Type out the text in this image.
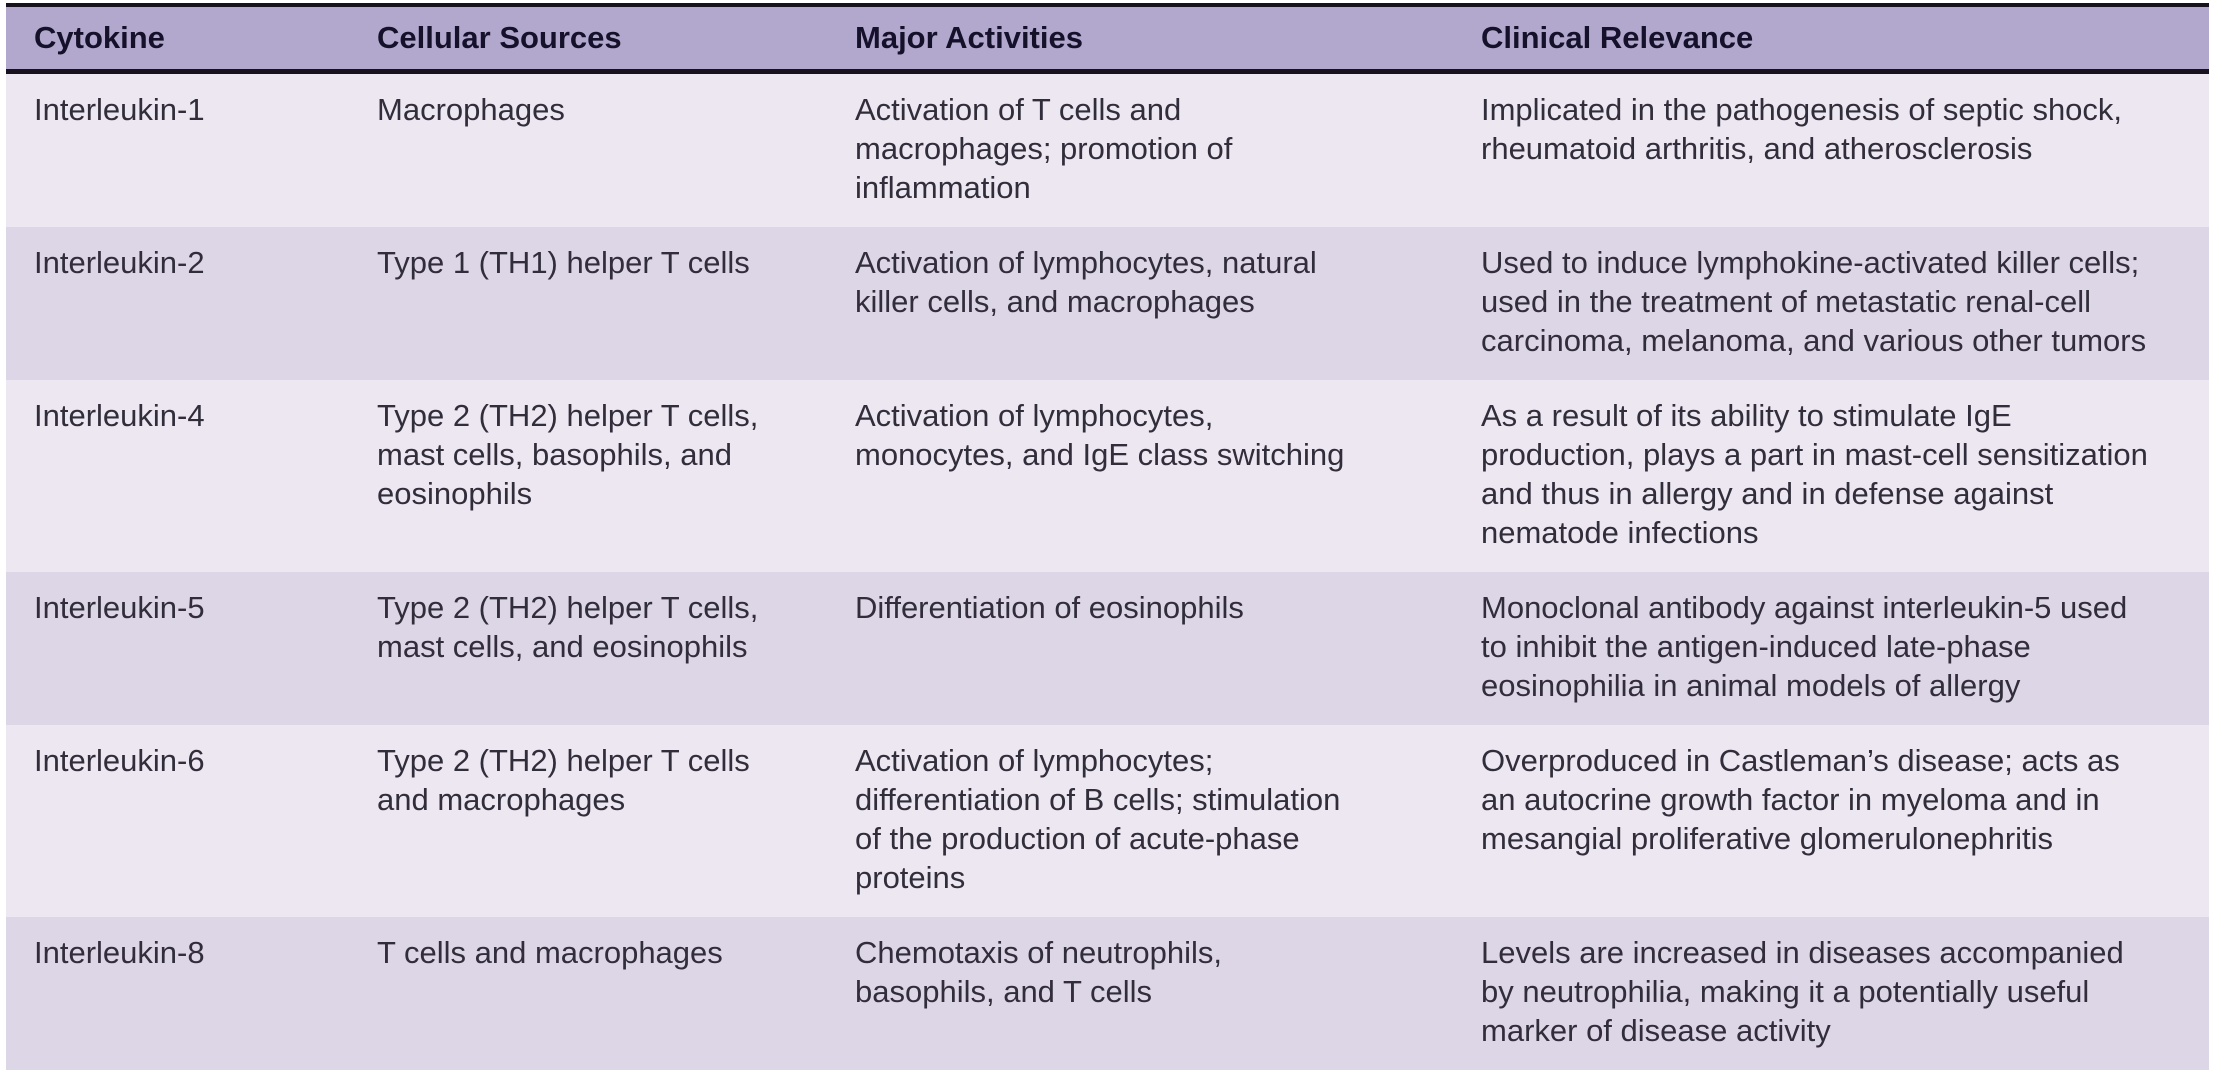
Cytokine	Cellular Sources	Major Activities	Clinical Relevance
Interleukin-1	Macrophages	Activation of T cells and macrophages; promotion of inflammation	Implicated in the pathogenesis of septic shock, rheumatoid arthritis, and atherosclerosis
Interleukin-2	Type 1 (TH1) helper T cells	Activation of lymphocytes, natural killer cells, and macrophages	Used to induce lymphokine-activated killer cells; used in the treatment of metastatic renal-cell carcinoma, melanoma, and various other tumors
Interleukin-4	Type 2 (TH2) helper T cells, mast cells, basophils, and eosinophils	Activation of lymphocytes, monocytes, and IgE class switching	As a result of its ability to stimulate IgE production, plays a part in mast-cell sensitization and thus in allergy and in defense against nematode infections
Interleukin-5	Type 2 (TH2) helper T cells, mast cells, and eosinophils	Differentiation of eosinophils	Monoclonal antibody against interleukin-5 used to inhibit the antigen-induced late-phase eosinophilia in animal models of allergy
Interleukin-6	Type 2 (TH2) helper T cells and macrophages	Activation of lymphocytes; differentiation of B cells; stimulation of the production of acute-phase proteins	Overproduced in Castleman’s disease; acts as an autocrine growth factor in myeloma and in mesangial proliferative glomerulonephritis
Interleukin-8	T cells and macrophages	Chemotaxis of neutrophils, basophils, and T cells	Levels are increased in diseases accompanied by neutrophilia, making it a potentially useful marker of disease activity
